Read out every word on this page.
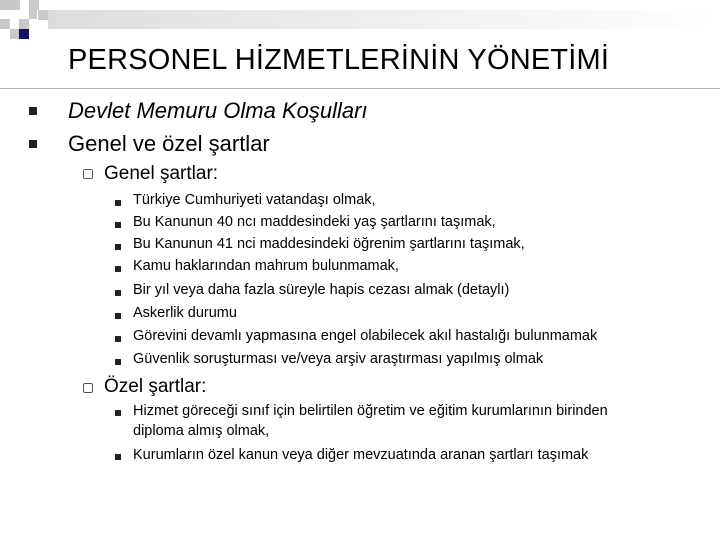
PERSONEL HİZMETLERİNİN YÖNETİMİ
Devlet Memuru Olma Koşulları
Genel ve özel şartlar
Genel şartlar:
Türkiye Cumhuriyeti vatandaşı olmak,
Bu Kanunun 40 ncı maddesindeki yaş şartlarını taşımak,
Bu Kanunun 41 nci maddesindeki öğrenim şartlarını taşımak,
Kamu haklarından mahrum bulunmamak,
Bir yıl veya daha fazla süreyle hapis cezası almak (detaylı)
Askerlik durumu
Görevini devamlı yapmasına engel olabilecek akıl hastalığı bulunmamak
Güvenlik soruşturması ve/veya arşiv araştırması yapılmış olmak
Özel şartlar:
Hizmet göreceği sınıf için belirtilen öğretim ve eğitim kurumlarının birinden
diploma almış olmak,
Kurumların özel kanun veya diğer mevzuatında aranan şartları taşımak
